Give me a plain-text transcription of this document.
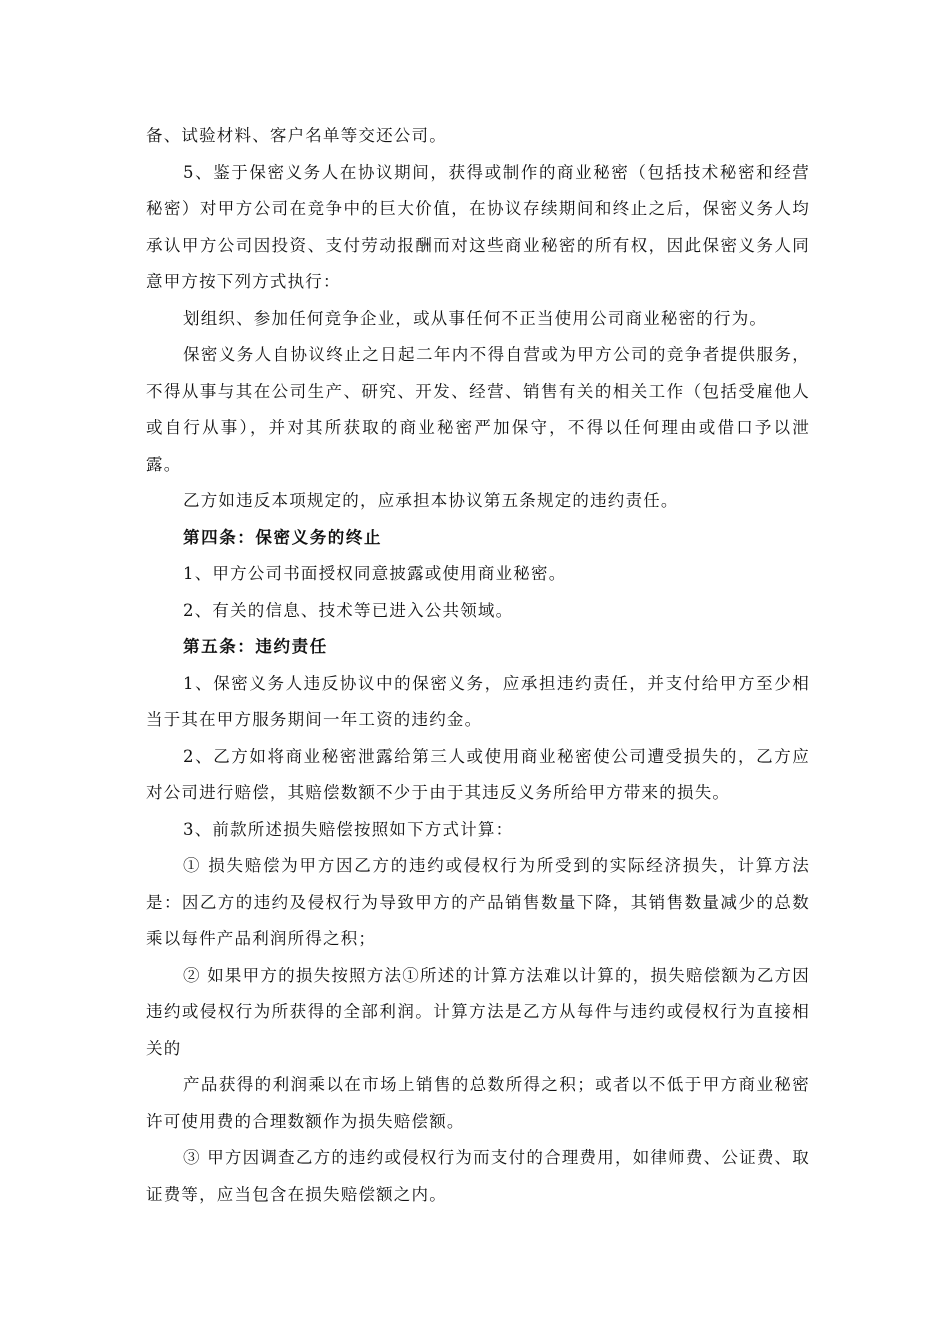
备、试验材料、客户名单等交还公司。

5、鉴于保密义务人在协议期间，获得或制作的商业秘密（包括技术秘密和经营秘密）对甲方公司在竞争中的巨大价值，在协议存续期间和终止之后，保密义务人均承认甲方公司因投资、支付劳动报酬而对这些商业秘密的所有权，因此保密义务人同意甲方按下列方式执行：

划组织、参加任何竞争企业，或从事任何不正当使用公司商业秘密的行为。

保密义务人自协议终止之日起二年内不得自营或为甲方公司的竞争者提供服务，不得从事与其在公司生产、研究、开发、经营、销售有关的相关工作（包括受雇他人或自行从事），并对其所获取的商业秘密严加保守，不得以任何理由或借口予以泄露。

乙方如违反本项规定的，应承担本协议第五条规定的违约责任。

第四条：保密义务的终止

1、甲方公司书面授权同意披露或使用商业秘密。

2、有关的信息、技术等已进入公共领域。

第五条：违约责任

1、保密义务人违反协议中的保密义务，应承担违约责任，并支付给甲方至少相当于其在甲方服务期间一年工资的违约金。

2、乙方如将商业秘密泄露给第三人或使用商业秘密使公司遭受损失的，乙方应对公司进行赔偿，其赔偿数额不少于由于其违反义务所给甲方带来的损失。

3、前款所述损失赔偿按照如下方式计算：

① 损失赔偿为甲方因乙方的违约或侵权行为所受到的实际经济损失，计算方法是：因乙方的违约及侵权行为导致甲方的产品销售数量下降，其销售数量减少的总数乘以每件产品利润所得之积；

② 如果甲方的损失按照方法①所述的计算方法难以计算的，损失赔偿额为乙方因违约或侵权行为所获得的全部利润。计算方法是乙方从每件与违约或侵权行为直接相关的

产品获得的利润乘以在市场上销售的总数所得之积；或者以不低于甲方商业秘密许可使用费的合理数额作为损失赔偿额。

③ 甲方因调查乙方的违约或侵权行为而支付的合理费用，如律师费、公证费、取证费等，应当包含在损失赔偿额之内。
